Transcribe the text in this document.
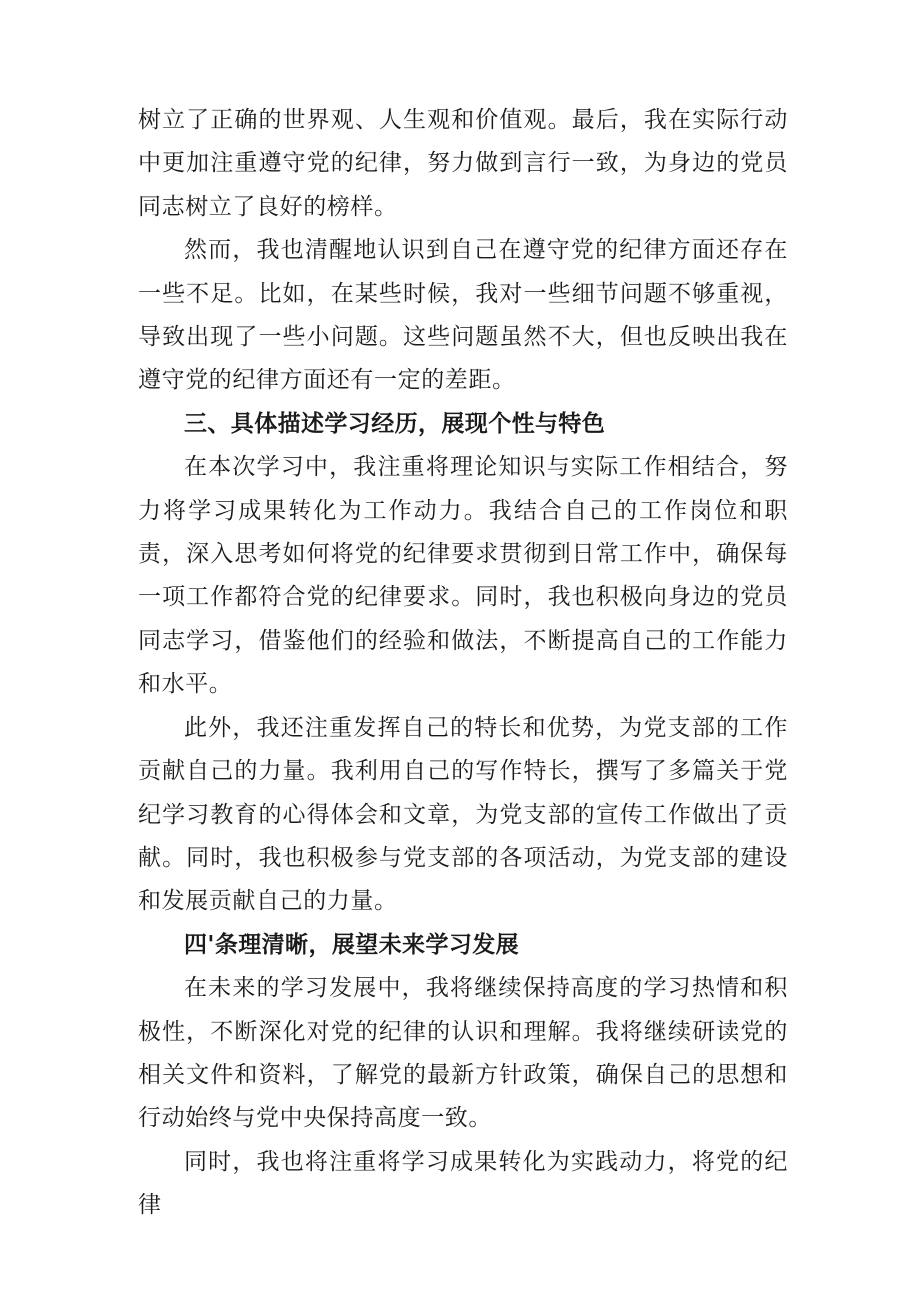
树立了正确的世界观、人生观和价值观。最后，我在实际行动中更加注重遵守党的纪律，努力做到言行一致，为身边的党员同志树立了良好的榜样。

然而，我也清醒地认识到自己在遵守党的纪律方面还存在一些不足。比如，在某些时候，我对一些细节问题不够重视，导致出现了一些小问题。这些问题虽然不大，但也反映出我在遵守党的纪律方面还有一定的差距。

三、具体描述学习经历，展现个性与特色

在本次学习中，我注重将理论知识与实际工作相结合，努力将学习成果转化为工作动力。我结合自己的工作岗位和职责，深入思考如何将党的纪律要求贯彻到日常工作中，确保每一项工作都符合党的纪律要求。同时，我也积极向身边的党员同志学习，借鉴他们的经验和做法，不断提高自己的工作能力和水平。

此外，我还注重发挥自己的特长和优势，为党支部的工作贡献自己的力量。我利用自己的写作特长，撰写了多篇关于党纪学习教育的心得体会和文章，为党支部的宣传工作做出了贡献。同时，我也积极参与党支部的各项活动，为党支部的建设和发展贡献自己的力量。

四'条理清晰，展望未来学习发展

在未来的学习发展中，我将继续保持高度的学习热情和积极性，不断深化对党的纪律的认识和理解。我将继续研读党的相关文件和资料，了解党的最新方针政策，确保自己的思想和行动始终与党中央保持高度一致。

同时，我也将注重将学习成果转化为实践动力，将党的纪律
